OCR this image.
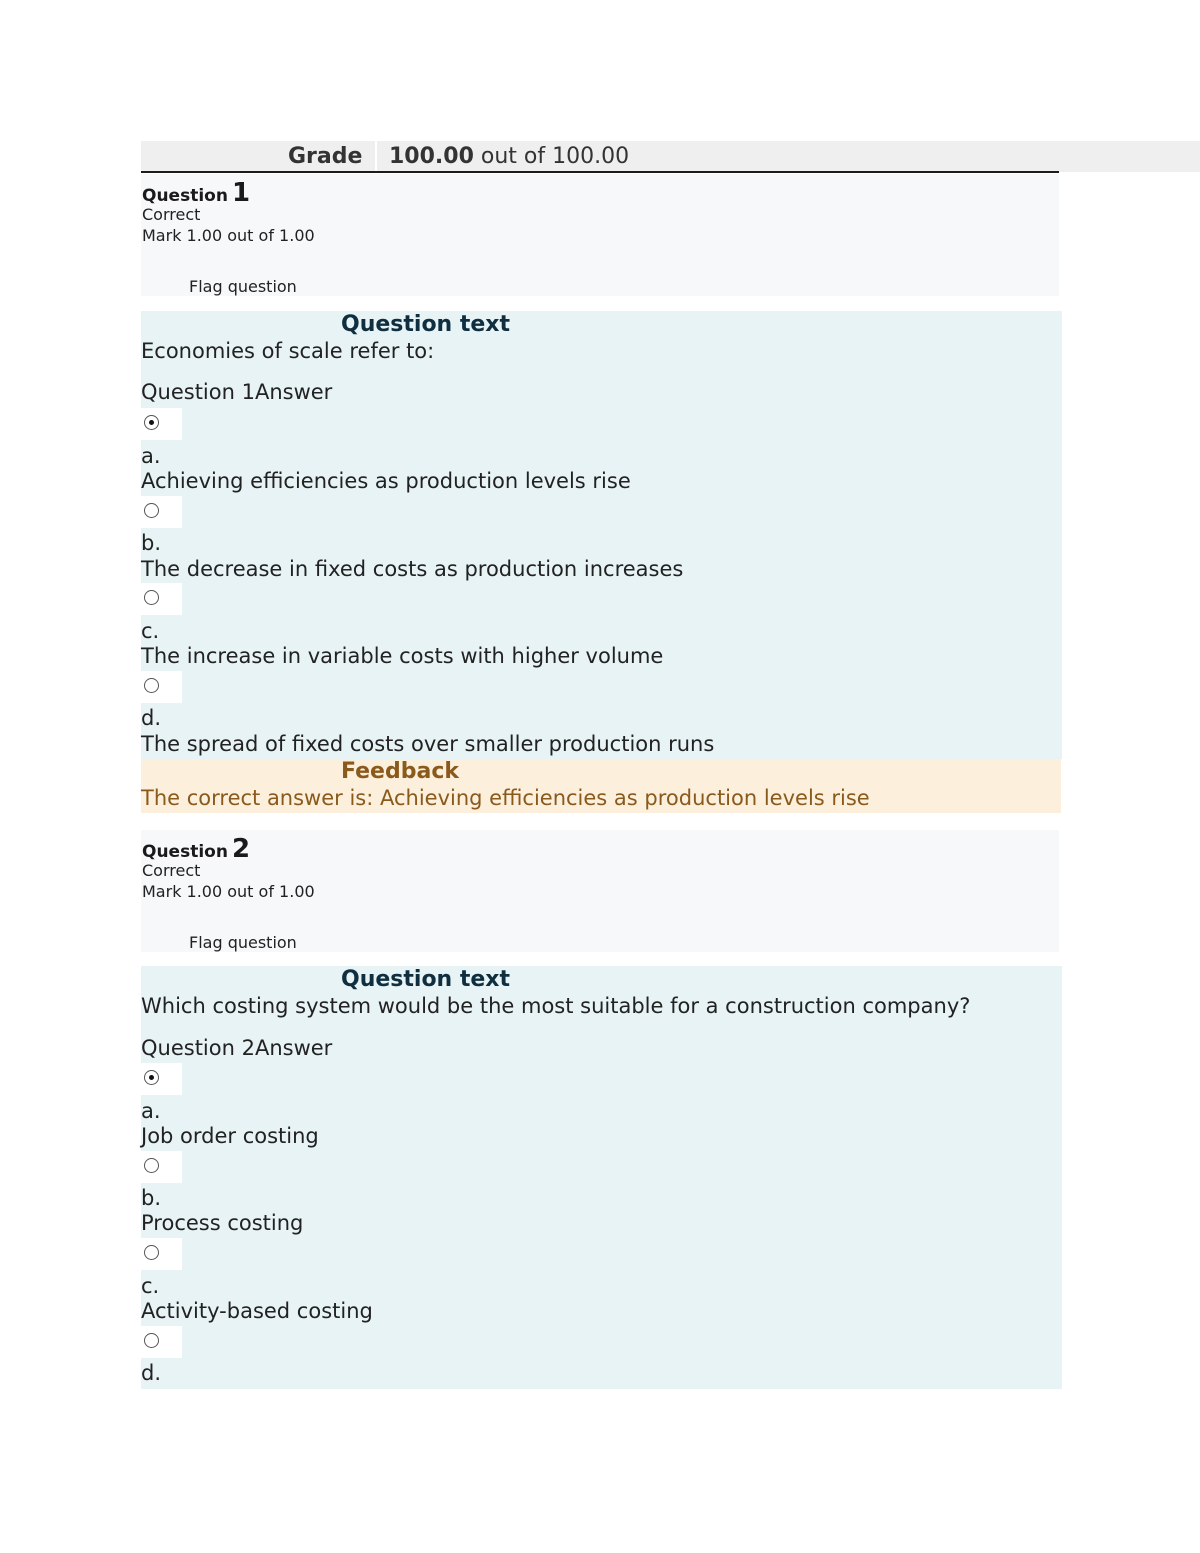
Grade 100.00 out of 100.00
Question 1
Correct
Mark 1.00 out of 1.00
Flag question
Question text
Economies of scale refer to:
Question 1Answer
a.
Achieving efficiencies as production levels rise
b.
The decrease in fixed costs as production increases
c.
The increase in variable costs with higher volume
d.
The spread of fixed costs over smaller production runs
Feedback
The correct answer is: Achieving efficiencies as production levels rise
Question 2
Correct
Mark 1.00 out of 1.00
Flag question
Question text
Which costing system would be the most suitable for a construction company?
Question 2Answer
a.
Job order costing
b.
Process costing
c.
Activity-based costing
d.
